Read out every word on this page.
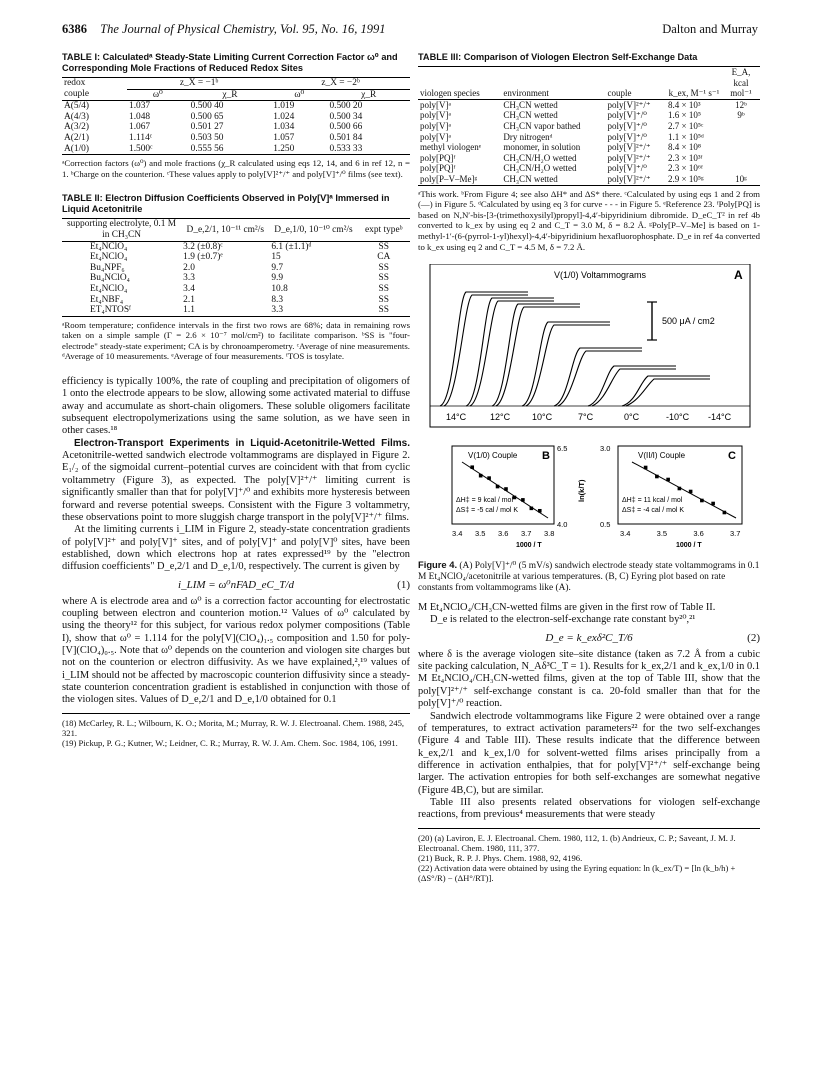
6386 The Journal of Physical Chemistry, Vol. 95, No. 16, 1991	Dalton and Murray

TABLE I: Calculatedᵃ Steady-State Limiting Current Correction Factor ω⁰ and Corresponding Mole Fractions of Reduced Redox Sites

redox	z_X = −1ᵇ		z_X = −2ᵇ	
couple	ω⁰	χ_R	ω⁰	χ_R
A(5/4)	1.037	0.500 40	1.019	0.500 20
A(4/3)	1.048	0.500 65	1.024	0.500 34
A(3/2)	1.067	0.501 27	1.034	0.500 66
A(2/1)	1.114ᶜ	0.503 50	1.057	0.501 84
A(1/0)	1.500ᶜ	0.555 56	1.250	0.533 33

ᵃCorrection factors (ω⁰) and mole fractions (χ_R calculated using eqs 12, 14, and 6 in ref 12, n = 1. ᵇCharge on the counterion. ᶜThese values apply to poly[V]²⁺/⁺ and poly[V]⁺/⁰ films (see text).

TABLE II: Electron Diffusion Coefficients Observed in Poly[V]ᵃ Immersed in Liquid Acetonitrile

supporting electrolyte, 0.1 M in CH₃CN	D_e,2/1, 10⁻¹¹ cm²/s	D_e,1/0, 10⁻¹⁰ cm²/s	expt typeᵇ
Et₄NClO₄	3.2 (±0.8)ᶜ	6.1 (±1.1)ᵈ	SS
Et₄NClO₄	1.9 (±0.7)ᵉ	15	CA
Bu₄NPF₆	2.0	9.7	SS
Bu₄NClO₄	3.3	9.9	SS
Et₄NClO₄	3.4	10.8	SS
Et₄NBF₄	2.1	8.3	SS
ET₄NTOSᶠ	1.1	3.3	SS

ᵃRoom temperature; confidence intervals in the first two rows are 68%; data in remaining rows taken on a simple sample (Γ = 2.6 × 10⁻⁷ mol/cm²) to facilitate comparison. ᵇSS is "four-electrode" steady-state experiment; CA is by chronoamperometry. ᶜAverage of nine measurements. ᵈAverage of 10 measurements. ᵉAverage of four measurements. ᶠTOS is tosylate.

efficiency is typically 100%, the rate of coupling and precipitation of oligomers of 1 onto the electrode appears to be slow, allowing some activated material to diffuse away and accumulate as short-chain oligomers. These soluble oligomers facilitate subsequent electropolymerizations using the same solution, as we have seen in other cases.¹⁸

Electron-Transport Experiments in Liquid-Acetonitrile-Wetted Films. Acetonitrile-wetted sandwich electrode voltammograms are displayed in Figure 2. E₁/₂ of the sigmoidal current–potential curves are coincident with that from cyclic voltammetry (Figure 3), as expected. The poly[V]²⁺/⁺ limiting current is significantly smaller than that for poly[V]⁺/⁰ and exhibits more hysteresis between forward and reverse potential sweeps. Consistent with the Figure 3 voltammetry, these observations point to more sluggish charge transport in the poly[V]²⁺/⁺ films.

At the limiting currents i_LIM in Figure 2, steady-state concentration gradients of poly[V]²⁺ and poly[V]⁺ sites, and of poly[V]⁺ and poly[V]⁰ sites, have been established, down which electrons hop at rates expressed¹⁹ by the "electron diffusion coefficients" D_e,2/1 and D_e,1/0, respectively. The current is given by

i_LIM = ω⁰nFAD_eC_T/d	(1)

where A is electrode area and ω⁰ is a correction factor accounting for electrostatic coupling between electron and counterion motion.¹² Values of ω⁰ calculated by using the theory¹² for this subject, for various redox polymer compositions (Table I), show that ω⁰ = 1.114 for the poly[V](ClO₄)₁.₅ composition and 1.50 for poly-[V](ClO₄)₀.₅. Note that ω⁰ depends on the counterion and viologen site charges but not on the counterion or electron diffusivity. As we have explained,²,¹⁹ values of i_LIM should not be affected by macroscopic counterion diffusivity since a steady-state counterion concentration gradient is established in conjunction with those of the viologen sites. Values of D_e,2/1 and D_e,1/0 obtained for 0.1

(18) McCarley, R. L.; Wilbourn, K. O.; Morita, M.; Murray, R. W. J. Electroanal. Chem. 1988, 245, 321.
(19) Pickup, P. G.; Kutner, W.; Leidner, C. R.; Murray, R. W. J. Am. Chem. Soc. 1984, 106, 1991.

TABLE III: Comparison of Viologen Electron Self-Exchange Data

viologen species	environment	couple	k_ex, M⁻¹ s⁻¹	E_A, kcal mol⁻¹
poly[V]ᵃ	CH₃CN wetted	poly[V]²⁺/⁺	8.4 × 10³	12ᵇ
poly[V]ᵃ	CH₃CN wetted	poly[V]⁺/⁰	1.6 × 10⁵	9ᵇ
poly[V]ᵃ	CH₃CN vapor bathed	poly[V]⁺/⁰	2.7 × 10⁵ᶜ	
poly[V]ᵃ	Dry nitrogenᵈ	poly[V]⁺/⁰	1.1 × 10⁵ᵈ	
methyl viologenᵉ	monomer, in solution	poly[V]²⁺/⁺	8.4 × 10⁸	
poly[PQ]ᶠ	CH₃CN/H₂O wetted	poly[V]²⁺/⁺	2.3 × 10³ᶠ	
poly[PQ]ᶠ	CH₃CN/H₂O wetted	poly[V]⁺/⁰	2.3 × 10⁶ᶠ	
poly[P–V–Me]ᵍ	CH₃CN wetted	poly[V]²⁺/⁺	2.9 × 10⁵ᵍ	10ᵍ

ᵃThis work. ᵇFrom Figure 4; see also ΔH* and ΔS* there. ᶜCalculated by using eqs 1 and 2 from (—) in Figure 5. ᵈCalculated by using eq 3 for curve - - - in Figure 5. ᵉReference 23. ᶠPoly[PQ] is based on N,N′-bis-[3-(trimethoxysilyl)propyl]-4,4′-bipyridinium dibromide. D_eC_T² in ref 4b converted to k_ex by using eq 2 and C_T = 3.0 M, δ = 8.2 Å. ᵍPoly[P–V–Me] is based on 1-methyl-1′-(6-(pyrrol-1-yl)hexyl)-4,4′-bipyridinium hexafluorophosphate. D_e in ref 4a converted to k_ex using eq 2 and C_T = 4.5 M, δ = 7.2 Å.

V(1/0) Voltammograms	A
500 μA / cm2
14°C	12°C 10°C	7°C	0°C	-10°C -14°C
V(1/0) Couple B
ΔH‡ = 9 kcal / mol
ΔS‡ = -5 cal / mol K
6.5
4.0
3.4 3.5 3.6 3.7 3.8
ln(k/T)
V(II/I) Couple	C
ΔH‡ = 11 kcal / mol
ΔS‡ = -4 cal / mol K
3.0
0.5
3.4	3.5	3.6	3.7
1000 / T	1000 / T

Figure 4. (A) Poly[V]⁺/⁰ (5 mV/s) sandwich electrode steady state voltammograms in 0.1 M Et₄NClO₄/acetonitrile at various temperatures. (B, C) Eyring plot based on rate constants from voltammograms like (A).

M Et₄NClO₄/CH₃CN-wetted films are given in the first row of Table II.

D_e is related to the electron-self-exchange rate constant by²⁰,²¹

D_e = k_exδ²C_T/6	(2)

where δ is the average viologen site–site distance (taken as 7.2 Å from a cubic site packing calculation, N_Aδ³C_T = 1). Results for k_ex,2/1 and k_ex,1/0 in 0.1 M Et₄NClO₄/CH₃CN-wetted films, given at the top of Table III, show that the poly[V]²⁺/⁺ self-exchange constant is ca. 20-fold smaller than that for the poly[V]⁺/⁰ reaction.

Sandwich electrode voltammograms like Figure 2 were obtained over a range of temperatures, to extract activation parameters²² for the two self-exchanges (Figure 4 and Table III). These results indicate that the difference between k_ex,2/1 and k_ex,1/0 for solvent-wetted films arises principally from a difference in activation enthalpies, that for poly[V]²⁺/⁺ self-exchange being larger. The activation entropies for both self-exchanges are somewhat negative (Figure 4B,C), but are similar.

Table III also presents related observations for viologen self-exchange reactions, from previous⁴ measurements that were steady

(20) (a) Laviron, E. J. Electroanal. Chem. 1980, 112, 1. (b) Andrieux, C. P.; Saveant, J. M. J. Electroanal. Chem. 1980, 111, 377.
(21) Buck, R. P. J. Phys. Chem. 1988, 92, 4196.
(22) Activation data were obtained by using the Eyring equation: ln (k_ex/T) = [ln (k_b/h) + (ΔS°/R) − (ΔH°/RT)].
